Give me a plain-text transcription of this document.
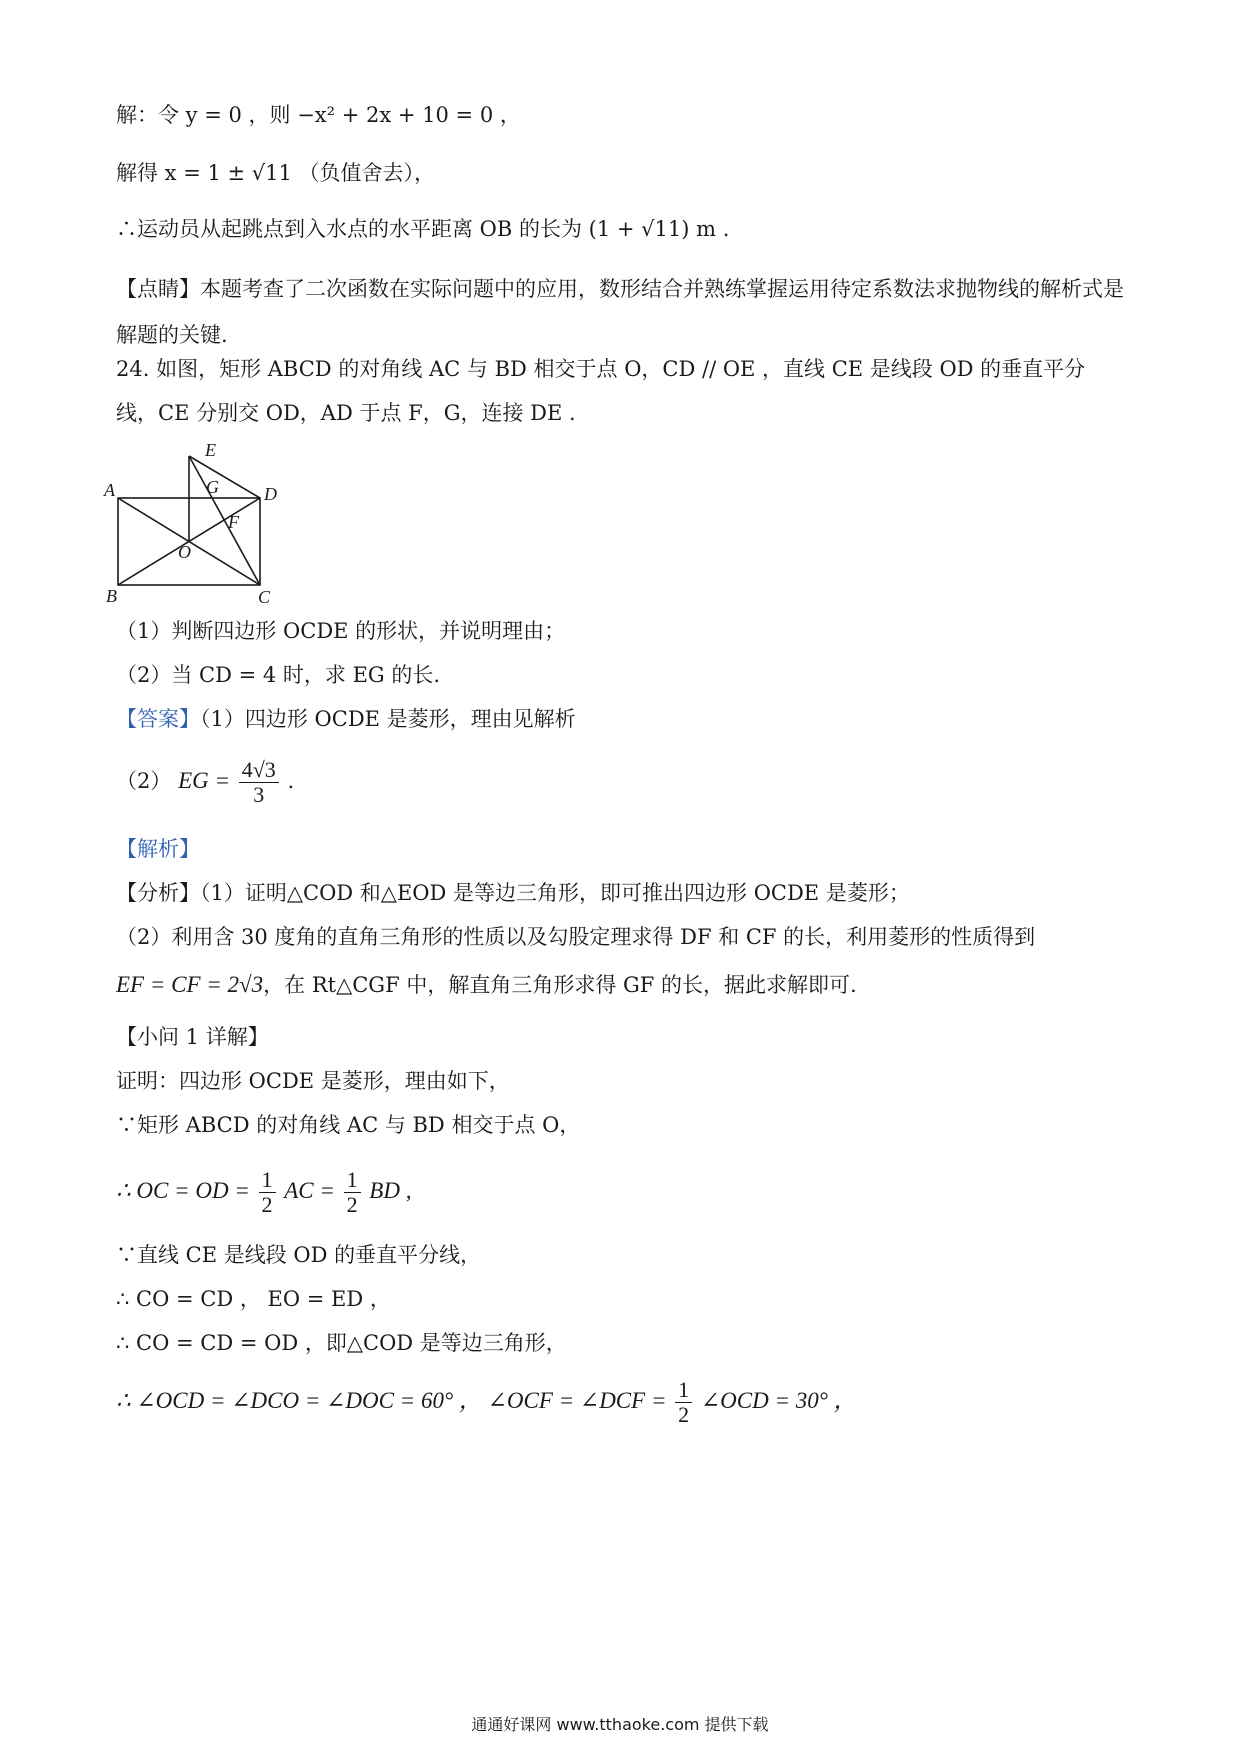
解：令 y = 0 ，则 −x² + 2x + 10 = 0 ，
解得 x = 1 ± √11 （负值舍去），
∴运动员从起跳点到入水点的水平距离 OB 的长为 (1 + √11) m .
【点睛】本题考查了二次函数在实际问题中的应用，数形结合并熟练掌握运用待定系数法求抛物线的解析式是解题的关键.
24. 如图，矩形 ABCD 的对角线 AC 与 BD 相交于点 O，CD // OE ，直线 CE 是线段 OD 的垂直平分
线，CE 分别交 OD，AD 于点 F，G，连接 DE .
A
B	C
D
G
F
O
E
（1）判断四边形 OCDE 的形状，并说明理由；
（2）当 CD = 4 时，求 EG 的长.
【答案】（1）四边形 OCDE 是菱形，理由见解析
（2） EG = $\frac{4√3}{3}$ .
【解析】
【分析】（1）证明△COD 和△EOD 是等边三角形，即可推出四边形 OCDE 是菱形；
（2）利用含 30 度角的直角三角形的性质以及勾股定理求得 DF 和 CF 的长，利用菱形的性质得到
EF = CF = 2√3，在 Rt△CGF 中，解直角三角形求得 GF 的长，据此求解即可.
【小问 1 详解】
证明：四边形 OCDE 是菱形，理由如下，
∵矩形 ABCD 的对角线 AC 与 BD 相交于点 O，
∴ OC = OD = $\frac{1}{2}$ AC = $\frac{1}{2}$ BD ,
∵直线 CE 是线段 OD 的垂直平分线，
∴ CO = CD ， EO = ED ，
∴ CO = CD = OD ，即△COD 是等边三角形，
∴ ∠OCD = ∠DCO = ∠DOC = 60° ， ∠OCF = ∠DCF = $\frac{1}{2}$ ∠OCD = 30° ，
通通好课网 www.tthaoke.com 提供下载
